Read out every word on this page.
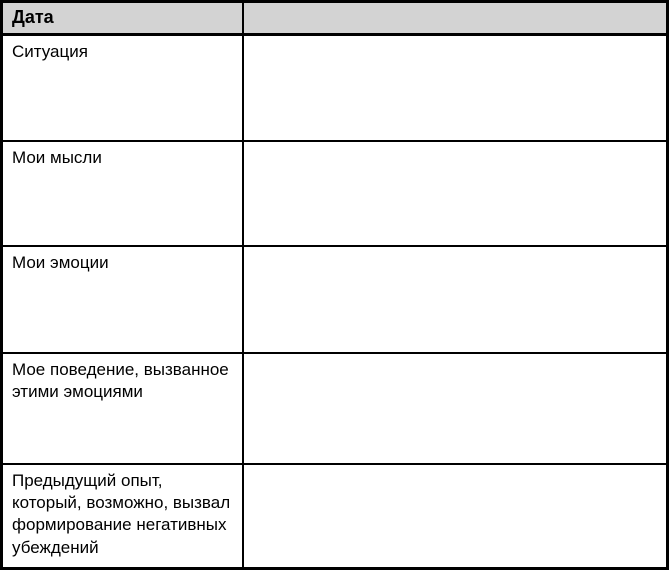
Дата	
Ситуация	
Мои мысли	
Мои эмоции	
Мое поведение, вызванное этими эмоциями	
Предыдущий опыт, который, возможно, вызвал формирование негативных убеждений	
